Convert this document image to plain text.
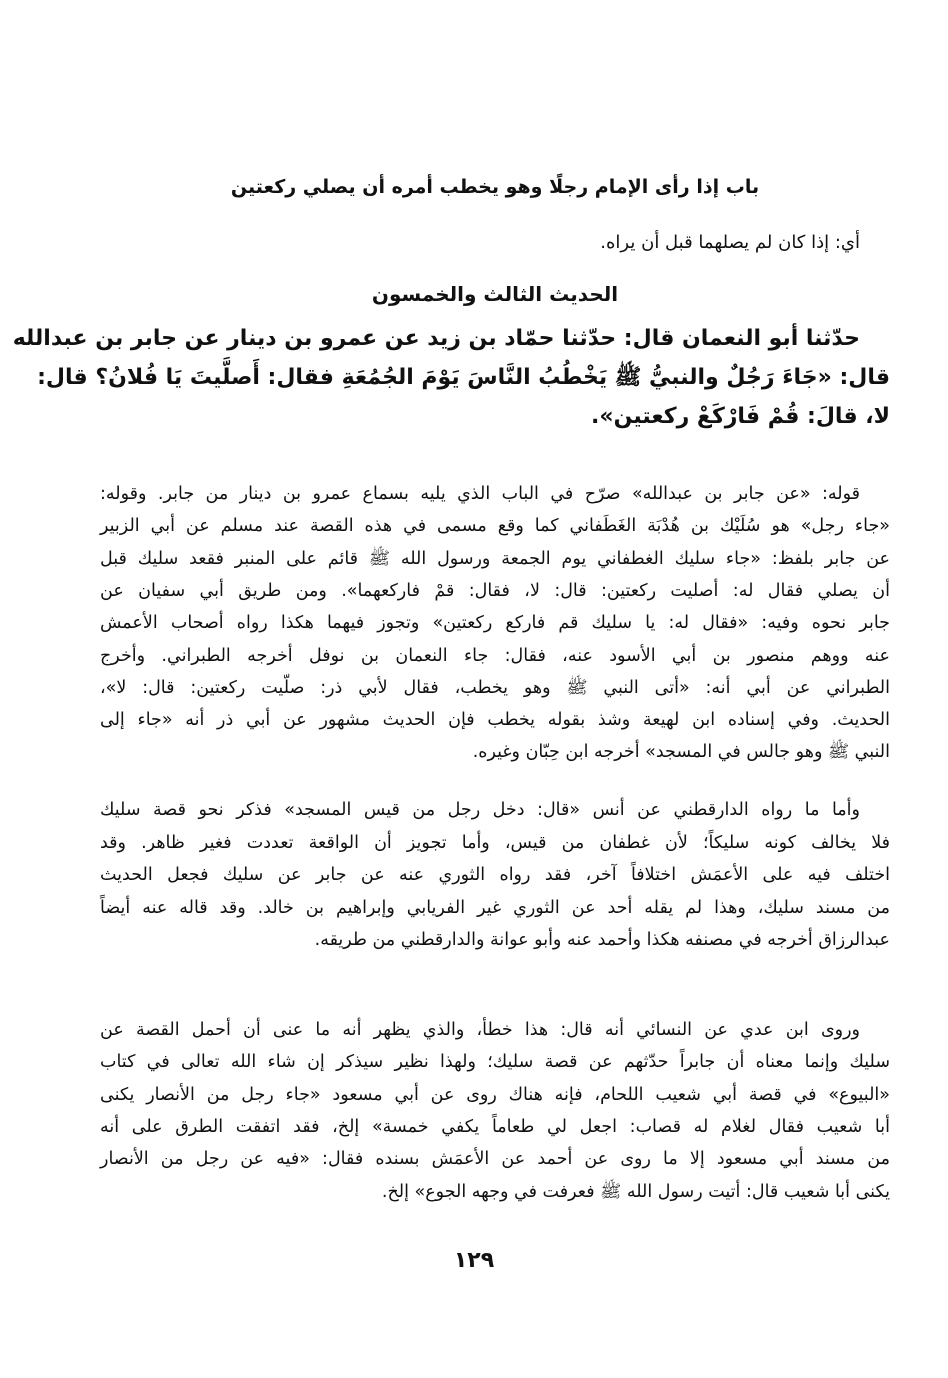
باب إذا رأى الإمام رجلًا وهو يخطب أمره أن يصلي ركعتين
أي: إذا كان لم يصلهما قبل أن يراه.
الحديث الثالث والخمسون
حدّثنا أبو النعمان قال: حدّثنا حمّاد بن زيد عن عمرو بن دينار عن جابر بن عبدالله
قال: «جَاءَ رَجُلٌ والنبيُّ ﷺ يَخْطُبُ النَّاسَ يَوْمَ الجُمُعَةِ فقال: أَصلَّيتَ يَا فُلانُ؟ قال:
لا، قالَ: قُمْ فَارْكَعْ ركعتين».
قوله: «عن جابر بن عبدالله» صرّح في الباب الذي يليه بسماع عمرو بن دينار من جابر. وقوله:
«جاء رجل» هو سُلَيْك بن هُدْبَة الغَطَفاني كما وقع مسمى في هذه القصة عند مسلم عن أبي الزبير
عن جابر بلفظ: «جاء سليك الغطفاني يوم الجمعة ورسول الله ﷺ قائم على المنبر فقعد سليك قبل
أن يصلي فقال له: أصليت ركعتين: قال: لا، فقال: قمْ فاركعهما». ومن طريق أبي سفيان عن
جابر نحوه وفيه: «فقال له: يا سليك قم فاركع ركعتين» وتجوز فيهما هكذا رواه أصحاب الأعمش
عنه ووهم منصور بن أبي الأسود عنه، فقال: جاء النعمان بن نوفل أخرجه الطبراني. وأخرج
الطبراني عن أبي أنه: «أتى النبي ﷺ وهو يخطب، فقال لأبي ذر: صلّيت ركعتين: قال: لا»،
الحديث. وفي إسناده ابن لهيعة وشذ بقوله يخطب فإن الحديث مشهور عن أبي ذر أنه «جاء إلى
النبي ﷺ وهو جالس في المسجد» أخرجه ابن حِبّان وغيره.
وأما ما رواه الدارقطني عن أنس «قال: دخل رجل من قيس المسجد» فذكر نحو قصة سليك
فلا يخالف كونه سليكاً؛ لأن غطفان من قيس، وأما تجويز أن الواقعة تعددت فغير ظاهر. وقد
اختلف فيه على الأعمَش اختلافاً آخر، فقد رواه الثوري عنه عن جابر عن سليك فجعل الحديث
من مسند سليك، وهذا لم يقله أحد عن الثوري غير الفريابي وإبراهيم بن خالد. وقد قاله عنه أيضاً
عبدالرزاق أخرجه في مصنفه هكذا وأحمد عنه وأبو عوانة والدارقطني من طريقه.
وروى ابن عدي عن النسائي أنه قال: هذا خطأ، والذي يظهر أنه ما عنى أن أحمل القصة عن
سليك وإنما معناه أن جابراً حدّثهم عن قصة سليك؛ ولهذا نظير سيذكر إن شاء الله تعالى في كتاب
«البيوع» في قصة أبي شعيب اللحام، فإنه هناك روى عن أبي مسعود «جاء رجل من الأنصار يكنى
أبا شعيب فقال لغلام له قصاب: اجعل لي طعاماً يكفي خمسة» إلخ، فقد اتفقت الطرق على أنه
من مسند أبي مسعود إلا ما روى عن أحمد عن الأعمَش بسنده فقال: «فيه عن رجل من الأنصار
يكنى أبا شعيب قال: أتيت رسول الله ﷺ فعرفت في وجهه الجوع» إلخ.
١٢٩
